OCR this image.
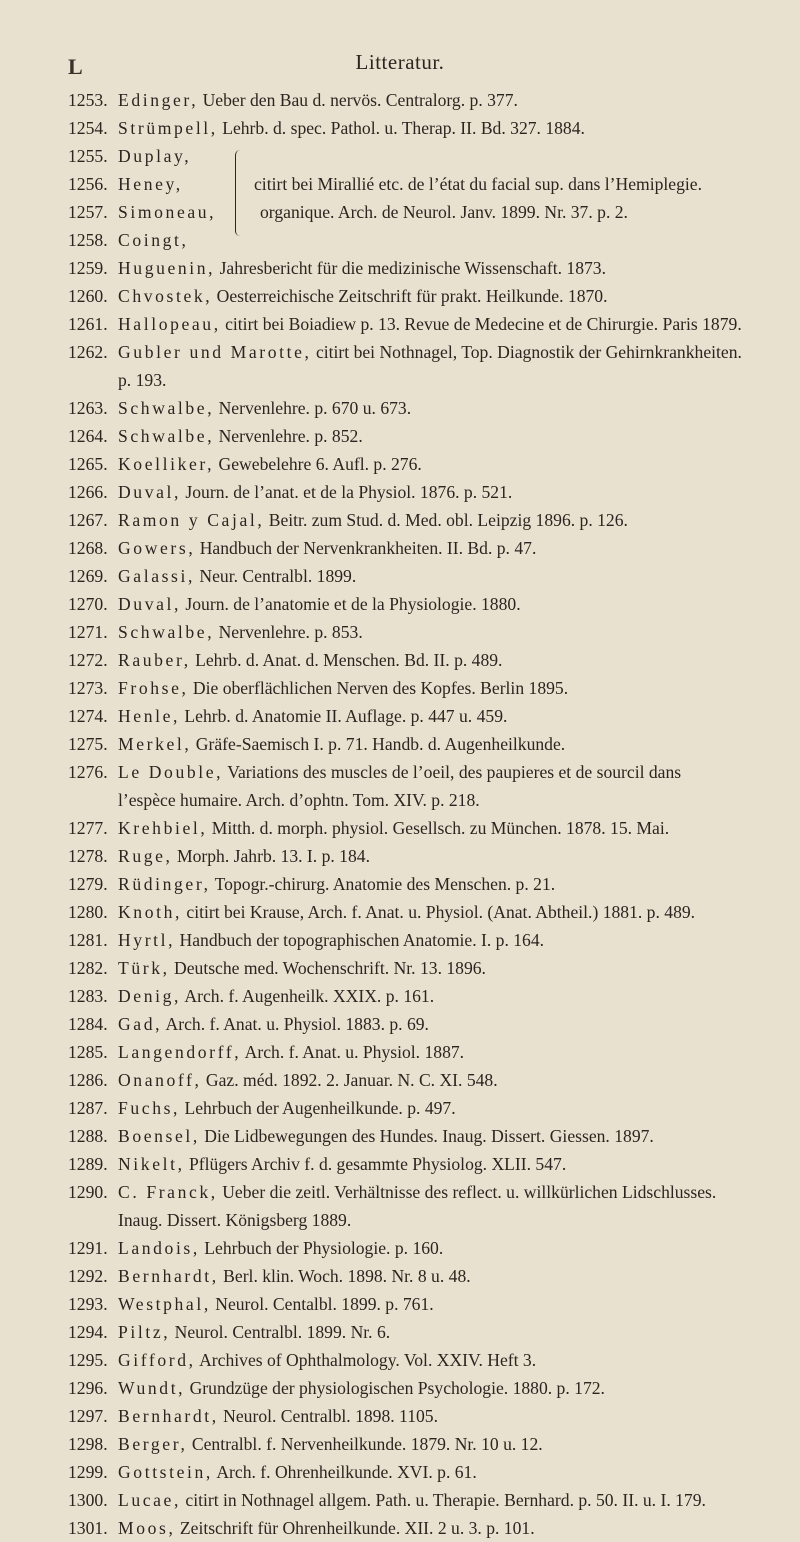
L	Litteratur.
1253. Edinger, Ueber den Bau d. nervös. Centralorg. p. 377.
1254. Strümpell, Lehrb. d. spec. Pathol. u. Therap. II. Bd. 327. 1884.
1255. Duplay,
1256. Heney,
1257. Simoneau,
1258. Coingt,
citirt bei Mirallié etc. de l’état du facial sup. dans l’Hemiplegie.
organique. Arch. de Neurol. Janv. 1899. Nr. 37. p. 2.
1259. Huguenin, Jahresbericht für die medizinische Wissenschaft. 1873.
1260. Chvostek, Oesterreichische Zeitschrift für prakt. Heilkunde. 1870.
1261. Hallopeau, citirt bei Boiadiew p. 13. Revue de Medecine et de Chirurgie. Paris 1879.
1262. Gubler und Marotte, citirt bei Nothnagel, Top. Diagnostik der Gehirnkrankheiten.
p. 193.
1263. Schwalbe, Nervenlehre. p. 670 u. 673.
1264. Schwalbe, Nervenlehre. p. 852.
1265. Koelliker, Gewebelehre 6. Aufl. p. 276.
1266. Duval, Journ. de l’anat. et de la Physiol. 1876. p. 521.
1267. Ramon y Cajal, Beitr. zum Stud. d. Med. obl. Leipzig 1896. p. 126.
1268. Gowers, Handbuch der Nervenkrankheiten. II. Bd. p. 47.
1269. Galassi, Neur. Centralbl. 1899.
1270. Duval, Journ. de l’anatomie et de la Physiologie. 1880.
1271. Schwalbe, Nervenlehre. p. 853.
1272. Rauber, Lehrb. d. Anat. d. Menschen. Bd. II. p. 489.
1273. Frohse, Die oberflächlichen Nerven des Kopfes. Berlin 1895.
1274. Henle, Lehrb. d. Anatomie II. Auflage. p. 447 u. 459.
1275. Merkel, Gräfe-Saemisch I. p. 71. Handb. d. Augenheilkunde.
1276. Le Double, Variations des muscles de l’oeil, des paupieres et de sourcil dans
l’espèce humaire. Arch. d’ophtn. Tom. XIV. p. 218.
1277. Krehbiel, Mitth. d. morph. physiol. Gesellsch. zu München. 1878. 15. Mai.
1278. Ruge, Morph. Jahrb. 13. I. p. 184.
1279. Rüdinger, Topogr.-chirurg. Anatomie des Menschen. p. 21.
1280. Knoth, citirt bei Krause, Arch. f. Anat. u. Physiol. (Anat. Abtheil.) 1881. p. 489.
1281. Hyrtl, Handbuch der topographischen Anatomie. I. p. 164.
1282. Türk, Deutsche med. Wochenschrift. Nr. 13. 1896.
1283. Denig, Arch. f. Augenheilk. XXIX. p. 161.
1284. Gad, Arch. f. Anat. u. Physiol. 1883. p. 69.
1285. Langendorff, Arch. f. Anat. u. Physiol. 1887.
1286. Onanoff, Gaz. méd. 1892. 2. Januar. N. C. XI. 548.
1287. Fuchs, Lehrbuch der Augenheilkunde. p. 497.
1288. Boensel, Die Lidbewegungen des Hundes. Inaug. Dissert. Giessen. 1897.
1289. Nikelt, Pflügers Archiv f. d. gesammte Physiolog. XLII. 547.
1290. C. Franck, Ueber die zeitl. Verhältnisse des reflect. u. willkürlichen Lidschlusses.
Inaug. Dissert. Königsberg 1889.
1291. Landois, Lehrbuch der Physiologie. p. 160.
1292. Bernhardt, Berl. klin. Woch. 1898. Nr. 8 u. 48.
1293. Westphal, Neurol. Centalbl. 1899. p. 761.
1294. Piltz, Neurol. Centralbl. 1899. Nr. 6.
1295. Gifford, Archives of Ophthalmology. Vol. XXIV. Heft 3.
1296. Wundt, Grundzüge der physiologischen Psychologie. 1880. p. 172.
1297. Bernhardt, Neurol. Centralbl. 1898. 1105.
1298. Berger, Centralbl. f. Nervenheilkunde. 1879. Nr. 10 u. 12.
1299. Gottstein, Arch. f. Ohrenheilkunde. XVI. p. 61.
1300. Lucae, citirt in Nothnagel allgem. Path. u. Therapie. Bernhard. p. 50. II. u. I. 179.
1301. Moos, Zeitschrift für Ohrenheilkunde. XII. 2 u. 3. p. 101.
